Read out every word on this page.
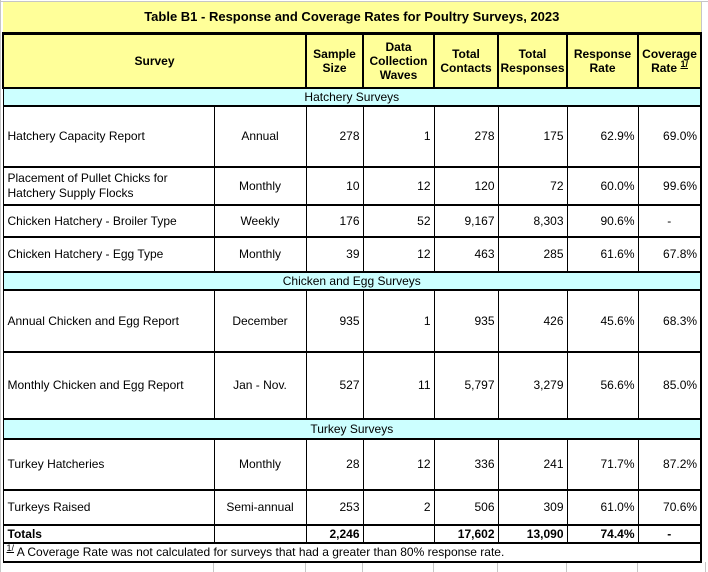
Table B1 - Response and Coverage Rates for Poultry Surveys, 2023							
Survey		Sample Size	Data Collection Waves	Total Contacts	Total Responses	Response Rate	Coverage Rate $^{1/}$
Hatchery Surveys							
Hatchery Capacity Report	Annual	278	1	278	175	62.9%	69.0%
Placement of Pullet Chicks for Hatchery Supply Flocks	Monthly	10	12	120	72	60.0%	99.6%
Chicken Hatchery - Broiler Type	Weekly	176	52	9,167	8,303	90.6%	-
Chicken Hatchery - Egg Type	Monthly	39	12	463	285	61.6%	67.8%
Chicken and Egg Surveys							
Annual Chicken and Egg Report	December	935	1	935	426	45.6%	68.3%
Monthly Chicken and Egg Report	Jan - Nov.	527	11	5,797	3,279	56.6%	85.0%
Turkey Surveys							
Turkey Hatcheries	Monthly	28	12	336	241	71.7%	87.2%
Turkeys Raised	Semi-annual	253	2	506	309	61.0%	70.6%
Totals		2,246		17,602	13,090	74.4%	-
$^{1/}$ A Coverage Rate was not calculated for surveys that had a greater than 80% response rate.							
